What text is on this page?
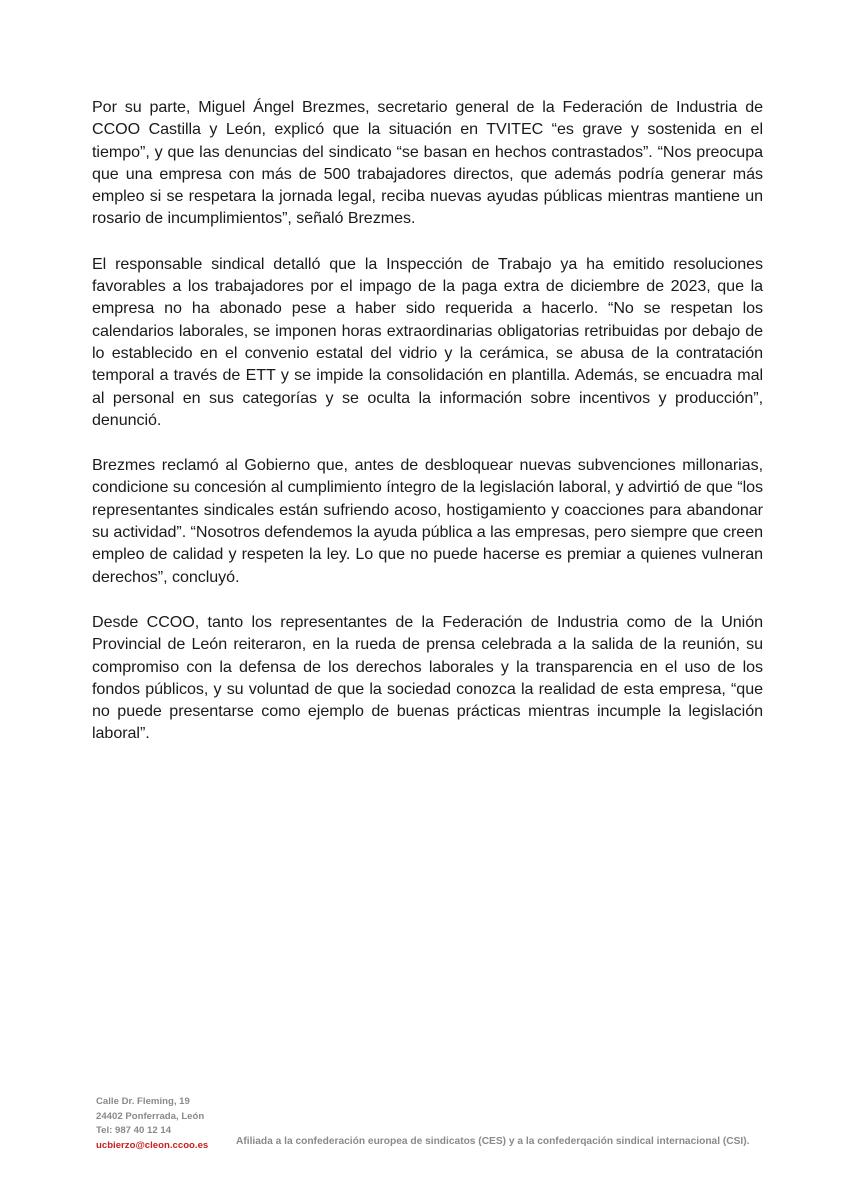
Por su parte, Miguel Ángel Brezmes, secretario general de la Federación de Industria de CCOO Castilla y León, explicó que la situación en TVITEC “es grave y sostenida en el tiempo”, y que las denuncias del sindicato “se basan en hechos contrastados”. “Nos preocupa que una empresa con más de 500 trabajadores directos, que además podría generar más empleo si se respetara la jornada legal, reciba nuevas ayudas públicas mientras mantiene un rosario de incumplimientos”, señaló Brezmes.

El responsable sindical detalló que la Inspección de Trabajo ya ha emitido resoluciones favorables a los trabajadores por el impago de la paga extra de diciembre de 2023, que la empresa no ha abonado pese a haber sido requerida a hacerlo. “No se respetan los calendarios laborales, se imponen horas extraordinarias obligatorias retribuidas por debajo de lo establecido en el convenio estatal del vidrio y la cerámica, se abusa de la contratación temporal a través de ETT y se impide la consolidación en plantilla. Además, se encuadra mal al personal en sus categorías y se oculta la información sobre incentivos y producción”, denunció.

Brezmes reclamó al Gobierno que, antes de desbloquear nuevas subvenciones millonarias, condicione su concesión al cumplimiento íntegro de la legislación laboral, y advirtió de que “los representantes sindicales están sufriendo acoso, hostigamiento y coacciones para abandonar su actividad”. “Nosotros defendemos la ayuda pública a las empresas, pero siempre que creen empleo de calidad y respeten la ley. Lo que no puede hacerse es premiar a quienes vulneran derechos”, concluyó.

Desde CCOO, tanto los representantes de la Federación de Industria como de la Unión Provincial de León reiteraron, en la rueda de prensa celebrada a la salida de la reunión, su compromiso con la defensa de los derechos laborales y la transparencia en el uso de los fondos públicos, y su voluntad de que la sociedad conozca la realidad de esta empresa, “que no puede presentarse como ejemplo de buenas prácticas mientras incumple la legislación laboral”.

Calle Dr. Fleming, 19
24402 Ponferrada, León
Tel: 987 40 12 14
ucbierzo@cleon.ccoo.es	Afiliada a la confederación europea de sindicatos (CES) y a la confederqación sindical internacional (CSI).
